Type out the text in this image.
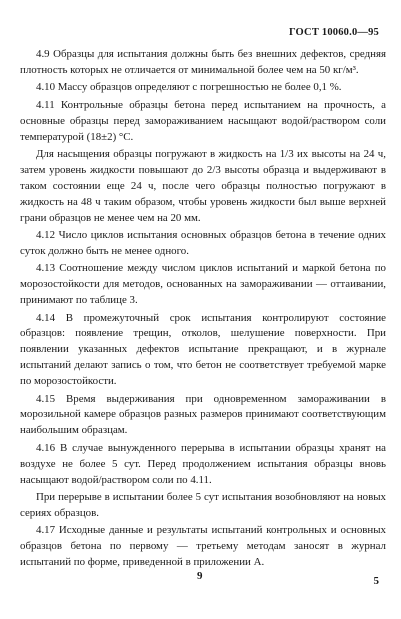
ГОСТ 10060.0—95

4.9 Образцы для испытания должны быть без внешних дефектов, средняя плотность которых не отличается от минимальной более чем на 50 кг/м³.

4.10 Массу образцов определяют с погрешностью не более 0,1 %.

4.11 Контрольные образцы бетона перед испытанием на прочность, а основные образцы перед замораживанием насыщают водой/раствором соли температурой (18±2) °С.

Для насыщения образцы погружают в жидкость на 1/3 их высоты на 24 ч, затем уровень жидкости повышают до 2/3 высоты образца и выдерживают в таком состоянии еще 24 ч, после чего образцы полностью погружают в жидкость на 48 ч таким образом, чтобы уровень жидкости был выше верхней грани образцов не менее чем на 20 мм.

4.12 Число циклов испытания основных образцов бетона в течение одних суток должно быть не менее одного.

4.13 Соотношение между числом циклов испытаний и маркой бетона по морозостойкости для методов, основанных на замораживании — оттаивании, принимают по таблице 3.

4.14 В промежуточный срок испытания контролируют состояние образцов: появление трещин, отколов, шелушение поверхности. При появлении указанных дефектов испытание прекращают, и в журнале испытаний делают запись о том, что бетон не соответствует требуемой марке по морозостойкости.

4.15 Время выдерживания при одновременном замораживании в морозильной камере образцов разных размеров принимают соответствующим наибольшим образцам.

4.16 В случае вынужденного перерыва в испытании образцы хранят на воздухе не более 5 сут. Перед продолжением испытания образцы вновь насыщают водой/раствором соли по 4.11.

При перерыве в испытании более 5 сут испытания возобновляют на новых сериях образцов.

4.17 Исходные данные и результаты испытаний контрольных и основных образцов бетона по первому — третьему методам заносят в журнал испытаний по форме, приведенной в приложении А.

9	5
